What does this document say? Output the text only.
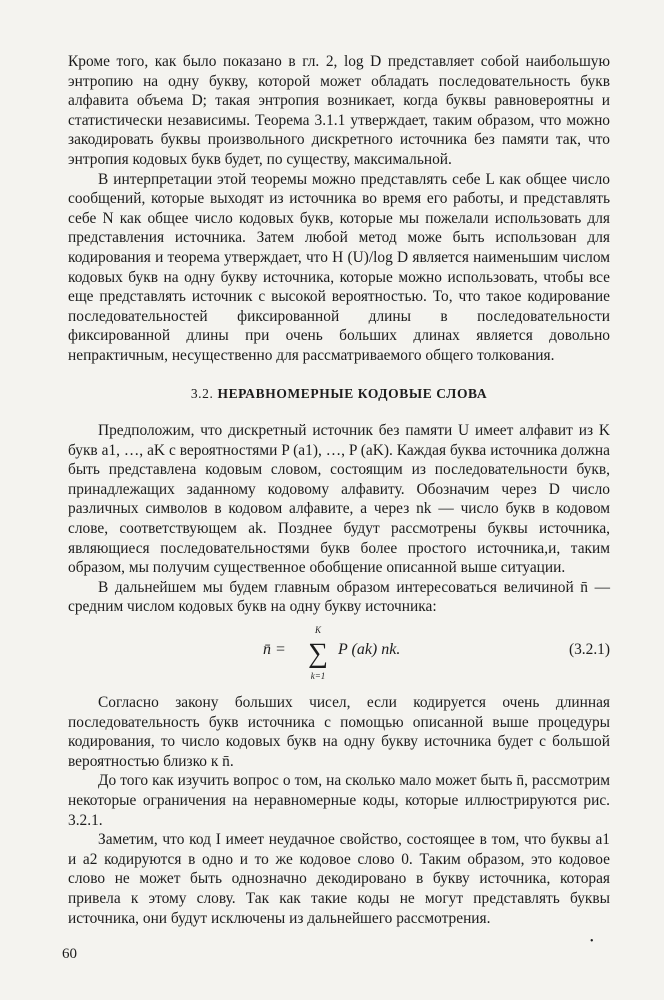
Кроме того, как было показано в гл. 2, log D представляет собой наибольшую энтропию на одну букву, которой может обладать последовательность букв алфавита объема D; такая энтропия возникает, когда буквы равновероятны и статистически независимы. Теорема 3.1.1 утверждает, таким образом, что можно закодировать буквы произвольного дискретного источника без памяти так, что энтропия кодовых букв будет, по существу, максимальной.

В интерпретации этой теоремы можно представлять себе L как общее число сообщений, которые выходят из источника во время его работы, и представлять себе N как общее число кодовых букв, которые мы пожелали использовать для представления источника. Затем любой метод може быть использован для кодирования и теорема утверждает, что H (U)/log D является наименьшим числом кодовых букв на одну букву источника, которые можно использовать, чтобы все еще представлять источник с высокой вероятностью. То, что такое кодирование последовательностей фиксированной длины в последовательности фиксированной длины при очень больших длинах является довольно непрактичным, несущественно для рассматриваемого общего толкования.

3.2. НЕРАВНОМЕРНЫЕ КОДОВЫЕ СЛОВА

Предположим, что дискретный источник без памяти U имеет алфавит из K букв a1, …, aK с вероятностями P (a1), …, P (aK). Каждая буква источника должна быть представлена кодовым словом, состоящим из последовательности букв, принадлежащих заданному кодовому алфавиту. Обозначим через D число различных символов в кодовом алфавите, а через nk — число букв в кодовом слове, соответствующем ak. Позднее будут рассмотрены буквы источника, являющиеся последовательностями букв более простого источника,и, таким образом, мы получим существенное обобщение описанной выше ситуации.

В дальнейшем мы будем главным образом интересоваться величиной n̄ — средним числом кодовых букв на одну букву источника:

n̄ =
K
∑
k=1
P (ak) nk.	(3.2.1)

Согласно закону больших чисел, если кодируется очень длинная последовательность букв источника с помощью описанной выше процедуры кодирования, то число кодовых букв на одну букву источника будет с большой вероятностью близко к n̄.

До того как изучить вопрос о том, на сколько мало может быть n̄, рассмотрим некоторые ограничения на неравномерные коды, которые иллюстрируются рис. 3.2.1.

Заметим, что код I имеет неудачное свойство, состоящее в том, что буквы a1 и a2 кодируются в одно и то же кодовое слово 0. Таким образом, это кодовое слово не может быть однозначно декодировано в букву источника, которая привела к этому слову. Так как такие коды не могут представлять буквы источника, они будут исключены из дальнейшего рассмотрения.

60
•
